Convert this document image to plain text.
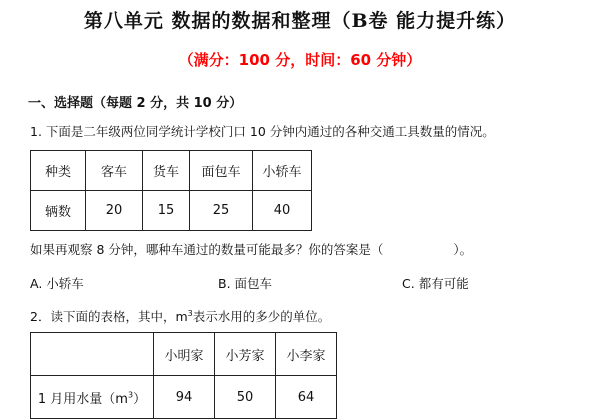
第八单元 数据的数据和整理（B卷 能力提升练）
（满分：100 分，时间：60 分钟）
一、选择题（每题 2 分，共 10 分）
1. 下面是二年级两位同学统计学校门口 10 分钟内通过的各种交通工具数量的情况。
种类	客车	货车	面包车	小轿车
辆数	20	15	25	40
如果再观察 8 分钟，哪种车通过的数量可能最多？你的答案是（	）。
A. 小轿车	B. 面包车	C. 都有可能
2．读下面的表格，其中，$m^3$表示水用的多少的单位。
	小明家	小芳家	小李家
1 月用水量$(m^3)$	94	50	64
